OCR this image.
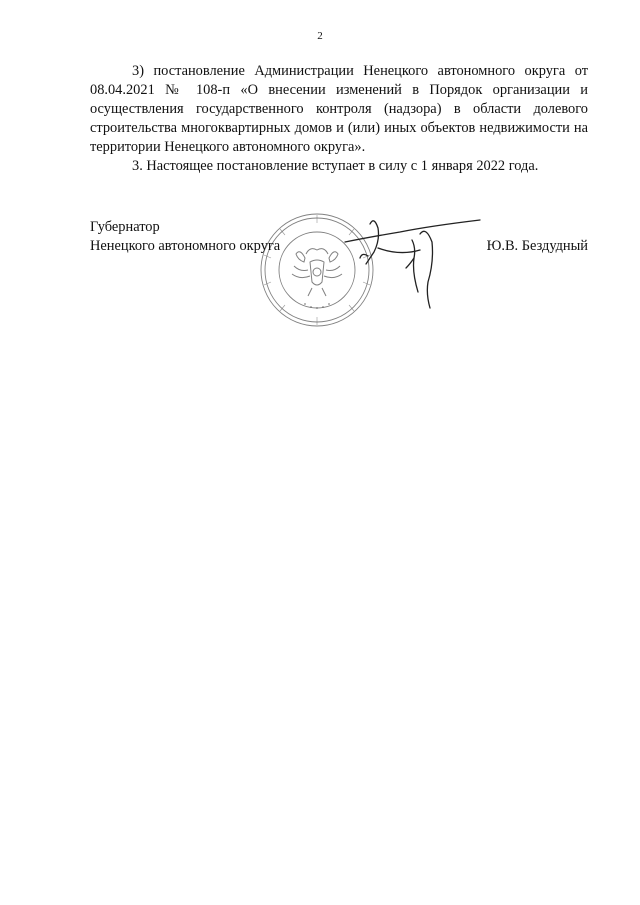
2

3) постановление Администрации Ненецкого автономного округа от 08.04.2021 № 108-п «О внесении изменений в Порядок организации и осуществления государственного контроля (надзора) в области долевого строительства многоквартирных домов и (или) иных объектов недвижимости на территории Ненецкого автономного округа».

3. Настоящее постановление вступает в силу с 1 января 2022 года.

Губернатор
Ненецкого автономного округа	Ю.В. Бездудный
